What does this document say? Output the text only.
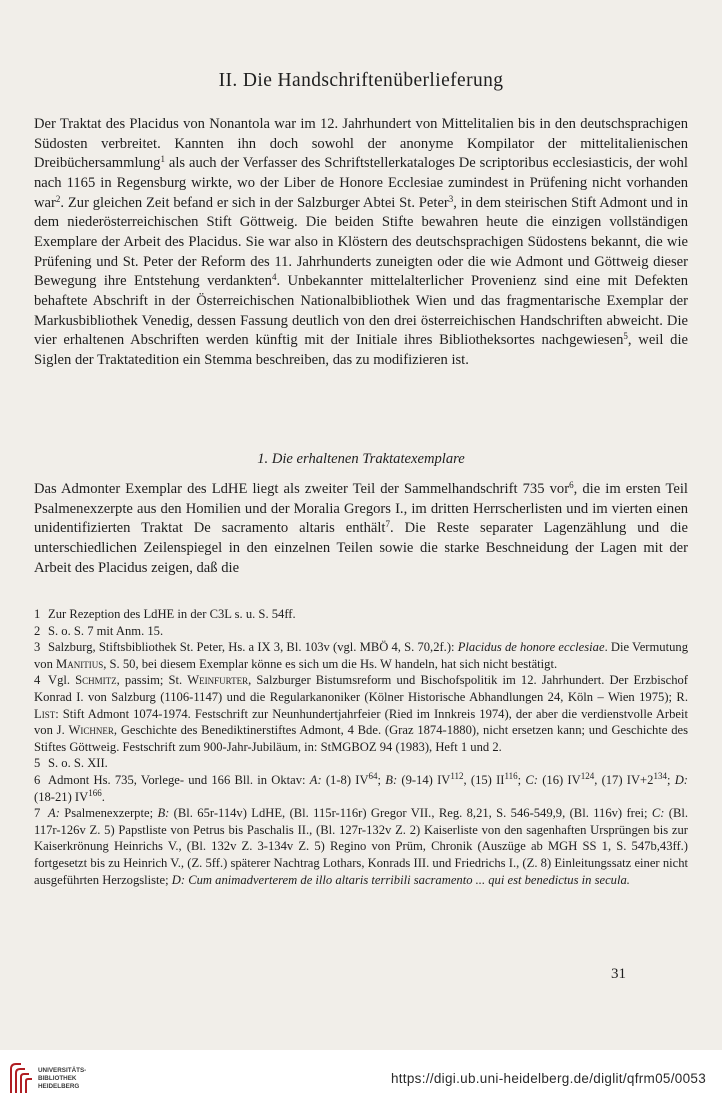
II. Die Handschriftenüberlieferung

Der Traktat des Placidus von Nonantola war im 12. Jahrhundert von Mittelitalien bis in den deutschsprachigen Südosten verbreitet. Kannten ihn doch sowohl der anonyme Kompilator der mittelitalienischen Dreibüchersammlung$^1$ als auch der Verfasser des Schriftstellerkataloges De scriptoribus ecclesiasticis, der wohl nach 1165 in Regensburg wirkte, wo der Liber de Honore Ecclesiae zumindest in Prüfening nicht vorhanden war$^2$. Zur gleichen Zeit befand er sich in der Salzburger Abtei St. Peter$^3$, in dem steirischen Stift Admont und in dem niederösterreichischen Stift Göttweig. Die beiden Stifte bewahren heute die einzigen vollständigen Exemplare der Arbeit des Placidus. Sie war also in Klöstern des deutschsprachigen Südostens bekannt, die wie Prüfening und St. Peter der Reform des 11. Jahrhunderts zuneigten oder die wie Admont und Göttweig dieser Bewegung ihre Entstehung verdankten$^4$. Unbekannter mittelalterlicher Provenienz sind eine mit Defekten behaftete Abschrift in der Österreichischen Nationalbibliothek Wien und das fragmentarische Exemplar der Markusbibliothek Venedig, dessen Fassung deutlich von den drei österreichischen Handschriften abweicht. Die vier erhaltenen Abschriften werden künftig mit der Initiale ihres Bibliotheksortes nachgewiesen$^5$, weil die Siglen der Traktatedition ein Stemma beschreiben, das zu modifizieren ist.

1. Die erhaltenen Traktatexemplare

Das Admonter Exemplar des LdHE liegt als zweiter Teil der Sammelhandschrift 735 vor$^6$, die im ersten Teil Psalmenexzerpte aus den Homilien und der Moralia Gregors I., im dritten Herrscherlisten und im vierten einen unidentifizierten Traktat De sacramento altaris enthält$^7$. Die Reste separater Lagenzählung und die unterschiedlichen Zeilenspiegel in den einzelnen Teilen sowie die starke Beschneidung der Lagen mit der Arbeit des Placidus zeigen, daß die

1 Zur Rezeption des LdHE in der C3L s. u. S. 54ff.
2 S. o. S. 7 mit Anm. 15.
3 Salzburg, Stiftsbibliothek St. Peter, Hs. a IX 3, Bl. 103v (vgl. MBÖ 4, S. 70,2f.): Placidus de honore ecclesiae. Die Vermutung von Manitius, S. 50, bei diesem Exemplar könne es sich um die Hs. W handeln, hat sich nicht bestätigt.
4 Vgl. Schmitz, passim; St. Weinfurter, Salzburger Bistumsreform und Bischofspolitik im 12. Jahrhundert. Der Erzbischof Konrad I. von Salzburg (1106-1147) und die Regularkanoniker (Kölner Historische Abhandlungen 24, Köln – Wien 1975); R. List: Stift Admont 1074-1974. Festschrift zur Neunhundertjahrfeier (Ried im Innkreis 1974), der aber die verdienstvolle Arbeit von J. Wichner, Geschichte des Benediktinerstiftes Admont, 4 Bde. (Graz 1874-1880), nicht ersetzen kann; und Geschichte des Stiftes Göttweig. Festschrift zum 900-Jahr-Jubiläum, in: StMGBOZ 94 (1983), Heft 1 und 2.
5 S. o. S. XII.
6 Admont Hs. 735, Vorlege- und 166 Bll. in Oktav: A: (1-8) IV$^{64}$; B: (9-14) IV$^{112}$, (15) II$^{116}$; C: (16) IV$^{124}$, (17) $IV+2^{134}$; D: (18-21) IV$^{166}$.
7 A: Psalmenexzerpte; B: (Bl. 65r-114v) LdHE, (Bl. 115r-116r) Gregor VII., Reg. 8,21, S. 546-549,9, (Bl. 116v) frei; C: (Bl. 117r-126v Z. 5) Papstliste von Petrus bis Paschalis II., (Bl. 127r-132v Z. 2) Kaiserliste von den sagenhaften Ursprüngen bis zur Kaiserkrönung Heinrichs V., (Bl. 132v Z. 3-134v Z. 5) Regino von Prüm, Chronik (Auszüge ab MGH SS 1, S. 547b,43ff.) fortgesetzt bis zu Heinrich V., (Z. 5ff.) späterer Nachtrag Lothars, Konrads III. und Friedrichs I., (Z. 8) Einleitungssatz einer nicht ausgeführten Herzogsliste; D: Cum animadverterem de illo altaris terribili sacramento ... qui est benedictus in secula.
31
UNIVERSITÄTS-
BIBLIOTHEK
HEIDELBERG
https://digi.ub.uni-heidelberg.de/diglit/qfrm05/0053
